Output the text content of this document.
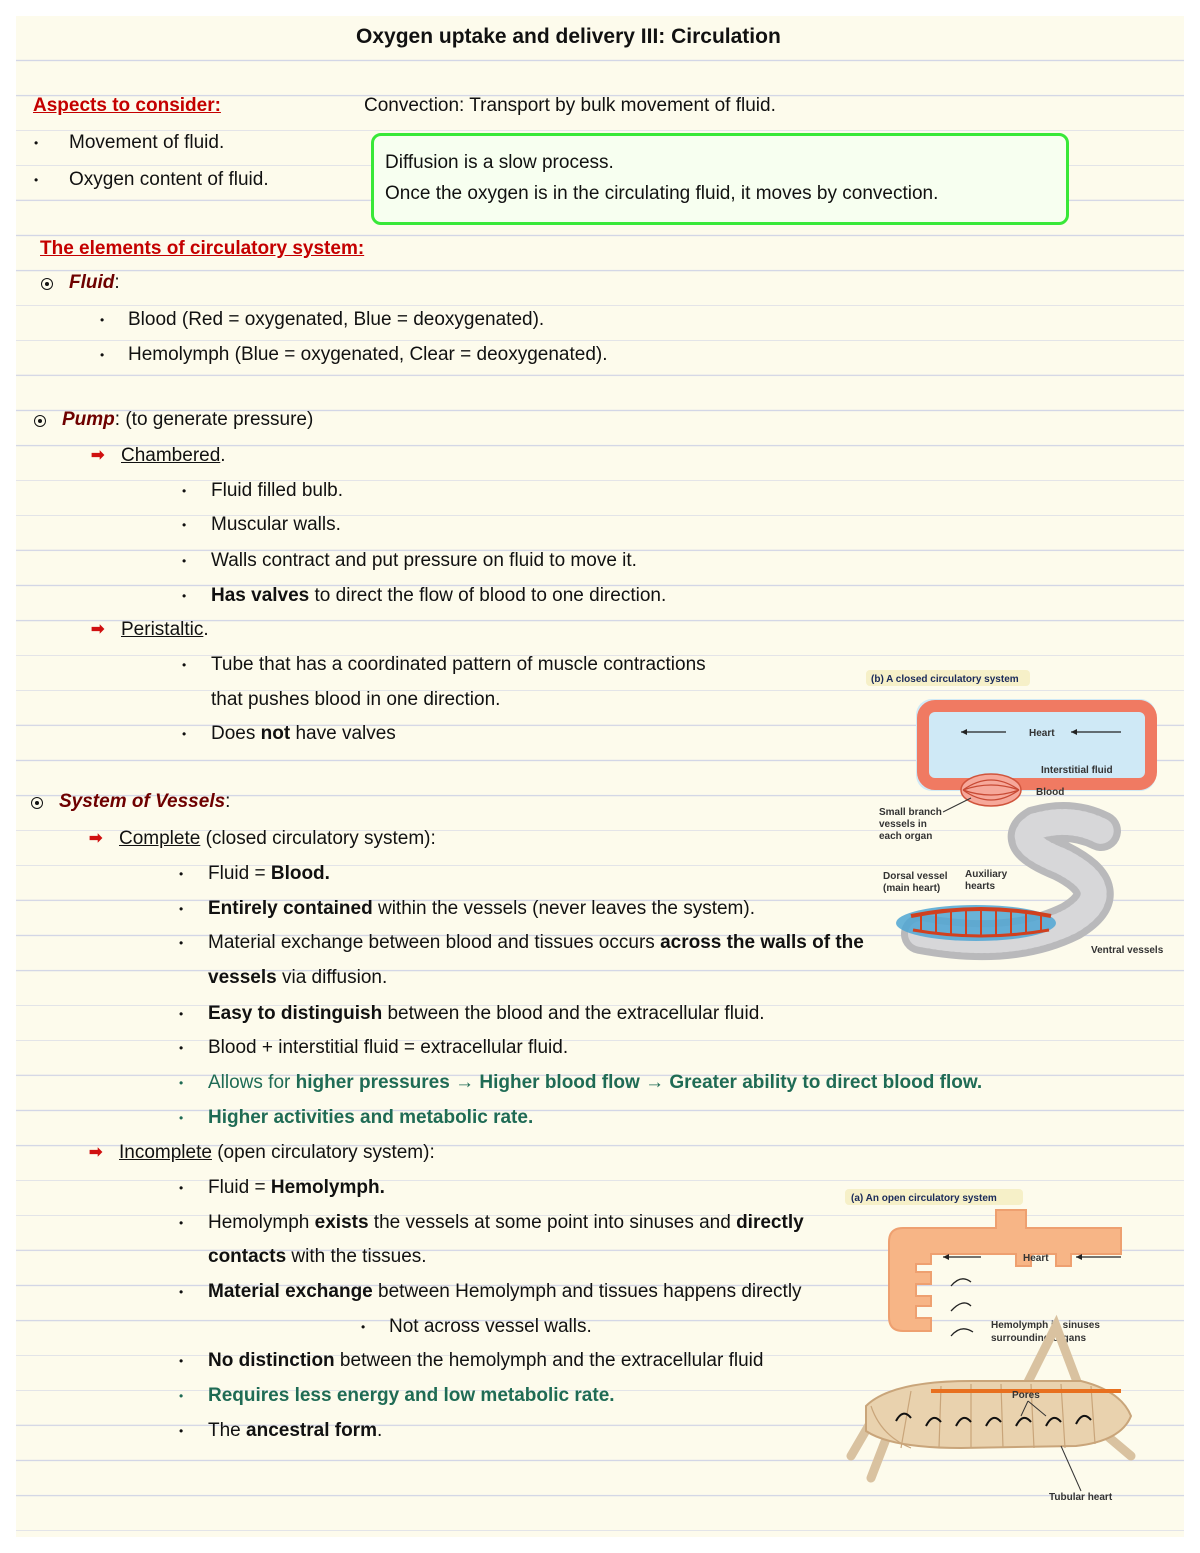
Oxygen uptake and delivery III: Circulation
Aspects to consider:
• Movement of fluid.
• Oxygen content of fluid.
Convection: Transport by bulk movement of fluid.
Diffusion is a slow process.
Once the oxygen is in the circulating fluid, it moves by convection.
The elements of circulatory system:
Fluid:
• Blood (Red = oxygenated, Blue = deoxygenated).
• Hemolymph (Blue = oxygenated, Clear = deoxygenated).
Pump: (to generate pressure)
➡ Chambered.
• Fluid filled bulb.
• Muscular walls.
• Walls contract and put pressure on fluid to move it.
• Has valves to direct the flow of blood to one direction.
➡ Peristaltic.
• Tube that has a coordinated pattern of muscle contractions
that pushes blood in one direction.
• Does not have valves
System of Vessels:
➡ Complete (closed circulatory system):
• Fluid = Blood.
• Entirely contained within the vessels (never leaves the system).
• Material exchange between blood and tissues occurs across the walls of the
vessels via diffusion.
• Easy to distinguish between the blood and the extracellular fluid.
• Blood + interstitial fluid = extracellular fluid.
• Allows for higher pressures → Higher blood flow → Greater ability to direct blood flow.
• Higher activities and metabolic rate.
➡ Incomplete (open circulatory system):
• Fluid = Hemolymph.
• Hemolymph exists the vessels at some point into sinuses and directly
contacts with the tissues.
• Material exchange between Hemolymph and tissues happens directly
• Not across vessel walls.
• No distinction between the hemolymph and the extracellular fluid
• Requires less energy and low metabolic rate.
• The ancestral form.
(b) A closed circulatory system
Heart
Interstitial fluid
Blood
Small branch
vessels in
each organ
Dorsal vessel
(main heart)
Auxiliary
hearts
Ventral vessels
(a) An open circulatory system
Heart
Hemolymph in sinuses
surrounding organs
Pores
Tubular heart
